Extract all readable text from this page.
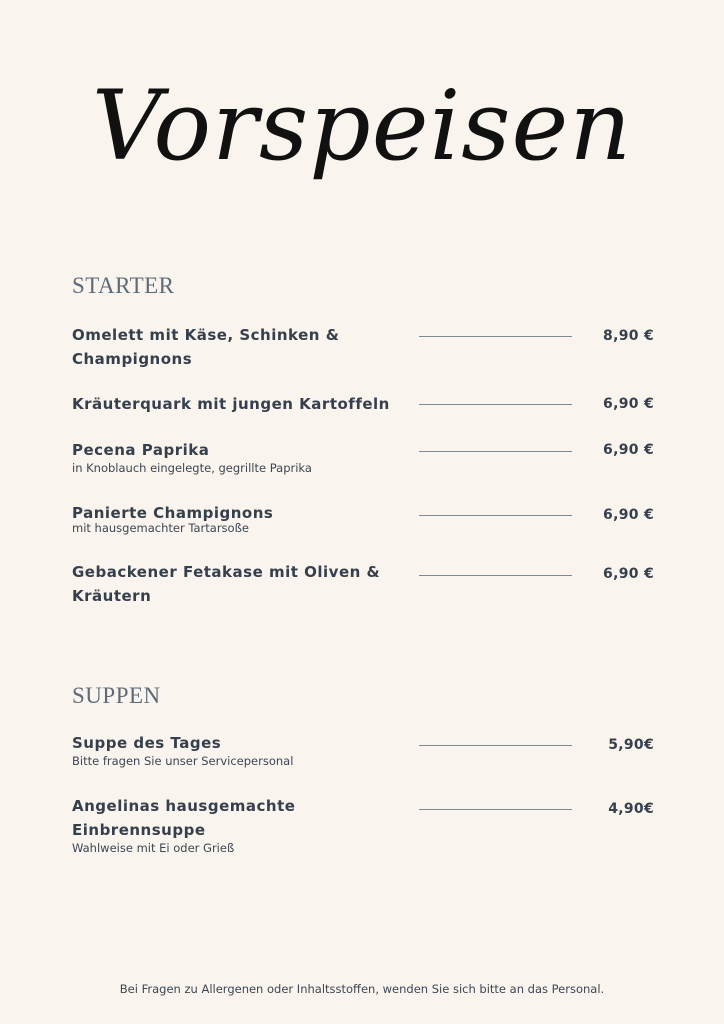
Vorspeisen
STARTER
Omelett mit Käse, Schinken & Champignons
8,90 €
Kräuterquark mit jungen Kartoffeln	6,90 €
Pecena Paprika
in Knoblauch eingelegte, gegrillte Paprika
6,90 €
Panierte Champignons
mit hausgemachter Tartarsoße
6,90 €
Gebackener Fetakase mit Oliven & Kräutern
6,90 €
SUPPEN
Suppe des Tages
Bitte fragen Sie unser Servicepersonal
5,90€
Angelinas hausgemachte Einbrennsuppe
Wahlweise mit Ei oder Grieß
4,90€
Bei Fragen zu Allergenen oder Inhaltsstoffen, wenden Sie sich bitte an das Personal.
